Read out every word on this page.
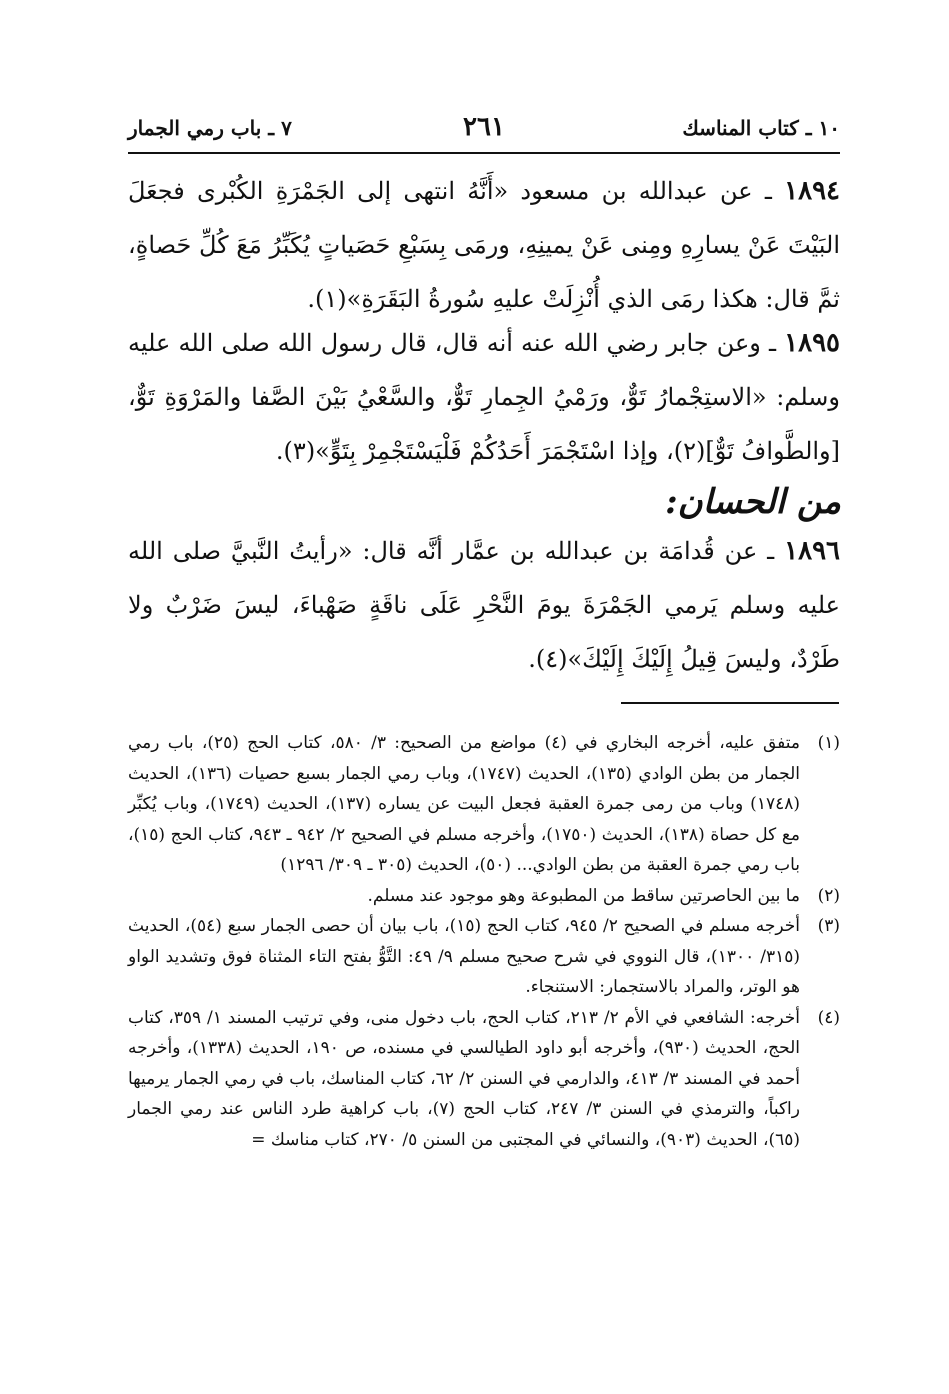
١٠ ـ كتاب المناسك
٢٦١
٧ ـ باب رمي الجمار
١٨٩٤ ـ عن عبدالله بن مسعود «أَنَّهُ انتهى إلى الجَمْرَةِ الكُبْرى فجعَلَ البَيْتَ عَنْ يسارِهِ ومِنى عَنْ يمينِهِ، ورمَى بِسَبْعِ حَصَياتٍ يُكَبِّرُ مَعَ كُلِّ حَصاةٍ، ثمَّ قال: هكذا رمَى الذي أُنْزِلَتْ عليهِ سُورةُ البَقَرَةِ»(١).
١٨٩٥ ـ وعن جابر رضي الله عنه أنه قال، قال رسول الله صلى الله عليه وسلم: «الاستِجْمارُ تَوٌّ، ورَمْيُ الجِمارِ تَوٌّ، والسَّعْيُ بَيْنَ الصَّفا والمَرْوَةِ تَوٌّ، [والطَّوافُ تَوٌّ](٢)، وإذا اسْتَجْمَرَ أَحَدُكُمْ فَلْيَسْتَجْمِرْ بِتَوٍّ»(٣).
من الحسان:
١٨٩٦ ـ عن قُدامَة بن عبدالله بن عمَّار أنَّه قال: «رأيتُ النَّبيَّ صلى الله عليه وسلم يَرمي الجَمْرَةَ يومَ النَّحْرِ عَلَى ناقَةٍ صَهْباءَ، ليسَ ضَرْبٌ ولا طَرْدٌ، وليسَ قِيلُ إِلَيْكَ إِلَيْكَ»(٤).
(١)
متفق عليه، أخرجه البخاري في (٤) مواضع من الصحيح: ٣/ ٥٨٠، كتاب الحج (٢٥)، باب رمي الجمار من بطن الوادي (١٣٥)، الحديث (١٧٤٧)، وباب رمي الجمار بسبع حصيات (١٣٦)، الحديث (١٧٤٨) وباب من رمى جمرة العقبة فجعل البيت عن يساره (١٣٧)، الحديث (١٧٤٩)، وباب يُكبِّر مع كل حصاة (١٣٨)، الحديث (١٧٥٠)، وأخرجه مسلم في الصحيح ٢/ ٩٤٢ ـ ٩٤٣، كتاب الحج (١٥)، باب رمي جمرة العقبة من بطن الوادي... (٥٠)، الحديث (٣٠٥ ـ ٣٠٩/ ١٢٩٦)
(٢)
ما بين الحاصرتين ساقط من المطبوعة وهو موجود عند مسلم.
(٣)
أخرجه مسلم في الصحيح ٢/ ٩٤٥، كتاب الحج (١٥)، باب بيان أن حصى الجمار سبع (٥٤)، الحديث (٣١٥/ ١٣٠٠)، قال النووي في شرح صحيح مسلم ٩/ ٤٩: التَّوُّ بفتح التاء المثناة فوق وتشديد الواو هو الوتر، والمراد بالاستجمار: الاستنجاء.
(٤)
أخرجه: الشافعي في الأم ٢/ ٢١٣، كتاب الحج، باب دخول منى، وفي ترتيب المسند ١/ ٣٥٩، كتاب الحج، الحديث (٩٣٠)، وأخرجه أبو داود الطيالسي في مسنده، ص ١٩٠، الحديث (١٣٣٨)، وأخرجه أحمد في المسند ٣/ ٤١٣، والدارمي في السنن ٢/ ٦٢، كتاب المناسك، باب في رمي الجمار يرميها راكباً، والترمذي في السنن ٣/ ٢٤٧، كتاب الحج (٧)، باب كراهية طرد الناس عند رمي الجمار (٦٥)، الحديث (٩٠٣)، والنسائي في المجتبى من السنن ٥/ ٢٧٠، كتاب مناسك =
